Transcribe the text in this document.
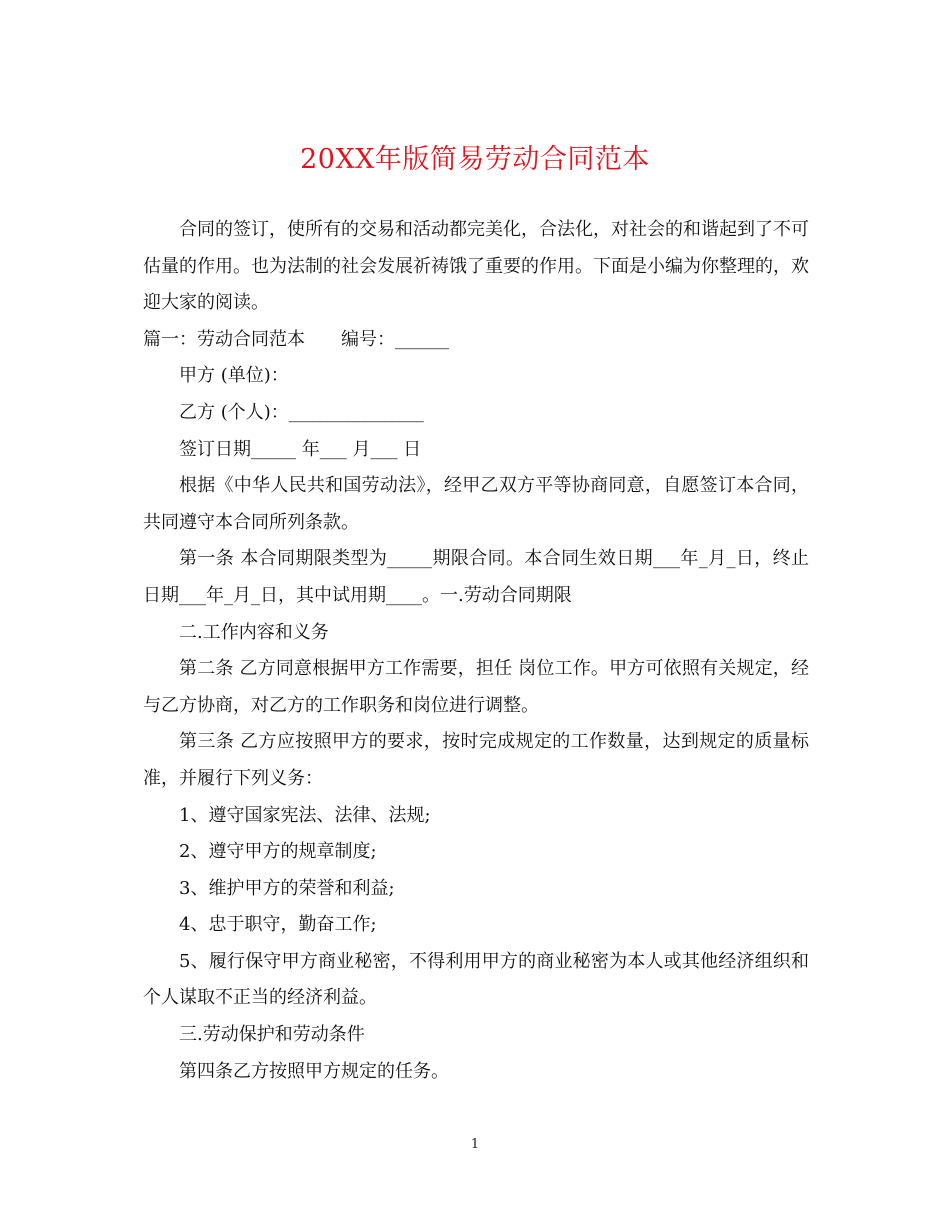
20XX年版简易劳动合同范本

合同的签订，使所有的交易和活动都完美化，合法化，对社会的和谐起到了不可估量的作用。也为法制的社会发展祈祷饿了重要的作用。下面是小编为你整理的，欢迎大家的阅读。

篇一：劳动合同范本　　编号：______

甲方 (单位)：

乙方 (个人)：_______________

签订日期_____ 年___ 月___ 日

根据《中华人民共和国劳动法》，经甲乙双方平等协商同意，自愿签订本合同，共同遵守本合同所列条款。

第一条 本合同期限类型为_____期限合同。本合同生效日期___年_月_日，终止日期___年_月_日，其中试用期____。一.劳动合同期限

二.工作内容和义务

第二条 乙方同意根据甲方工作需要，担任 岗位工作。甲方可依照有关规定，经与乙方协商，对乙方的工作职务和岗位进行调整。

第三条 乙方应按照甲方的要求，按时完成规定的工作数量，达到规定的质量标准，并履行下列义务：

1、遵守国家宪法、法律、法规;

2、遵守甲方的规章制度;

3、维护甲方的荣誉和利益;

4、忠于职守，勤奋工作;

5、履行保守甲方商业秘密，不得利用甲方的商业秘密为本人或其他经济组织和个人谋取不正当的经济利益。

三.劳动保护和劳动条件

第四条乙方按照甲方规定的任务。

1
